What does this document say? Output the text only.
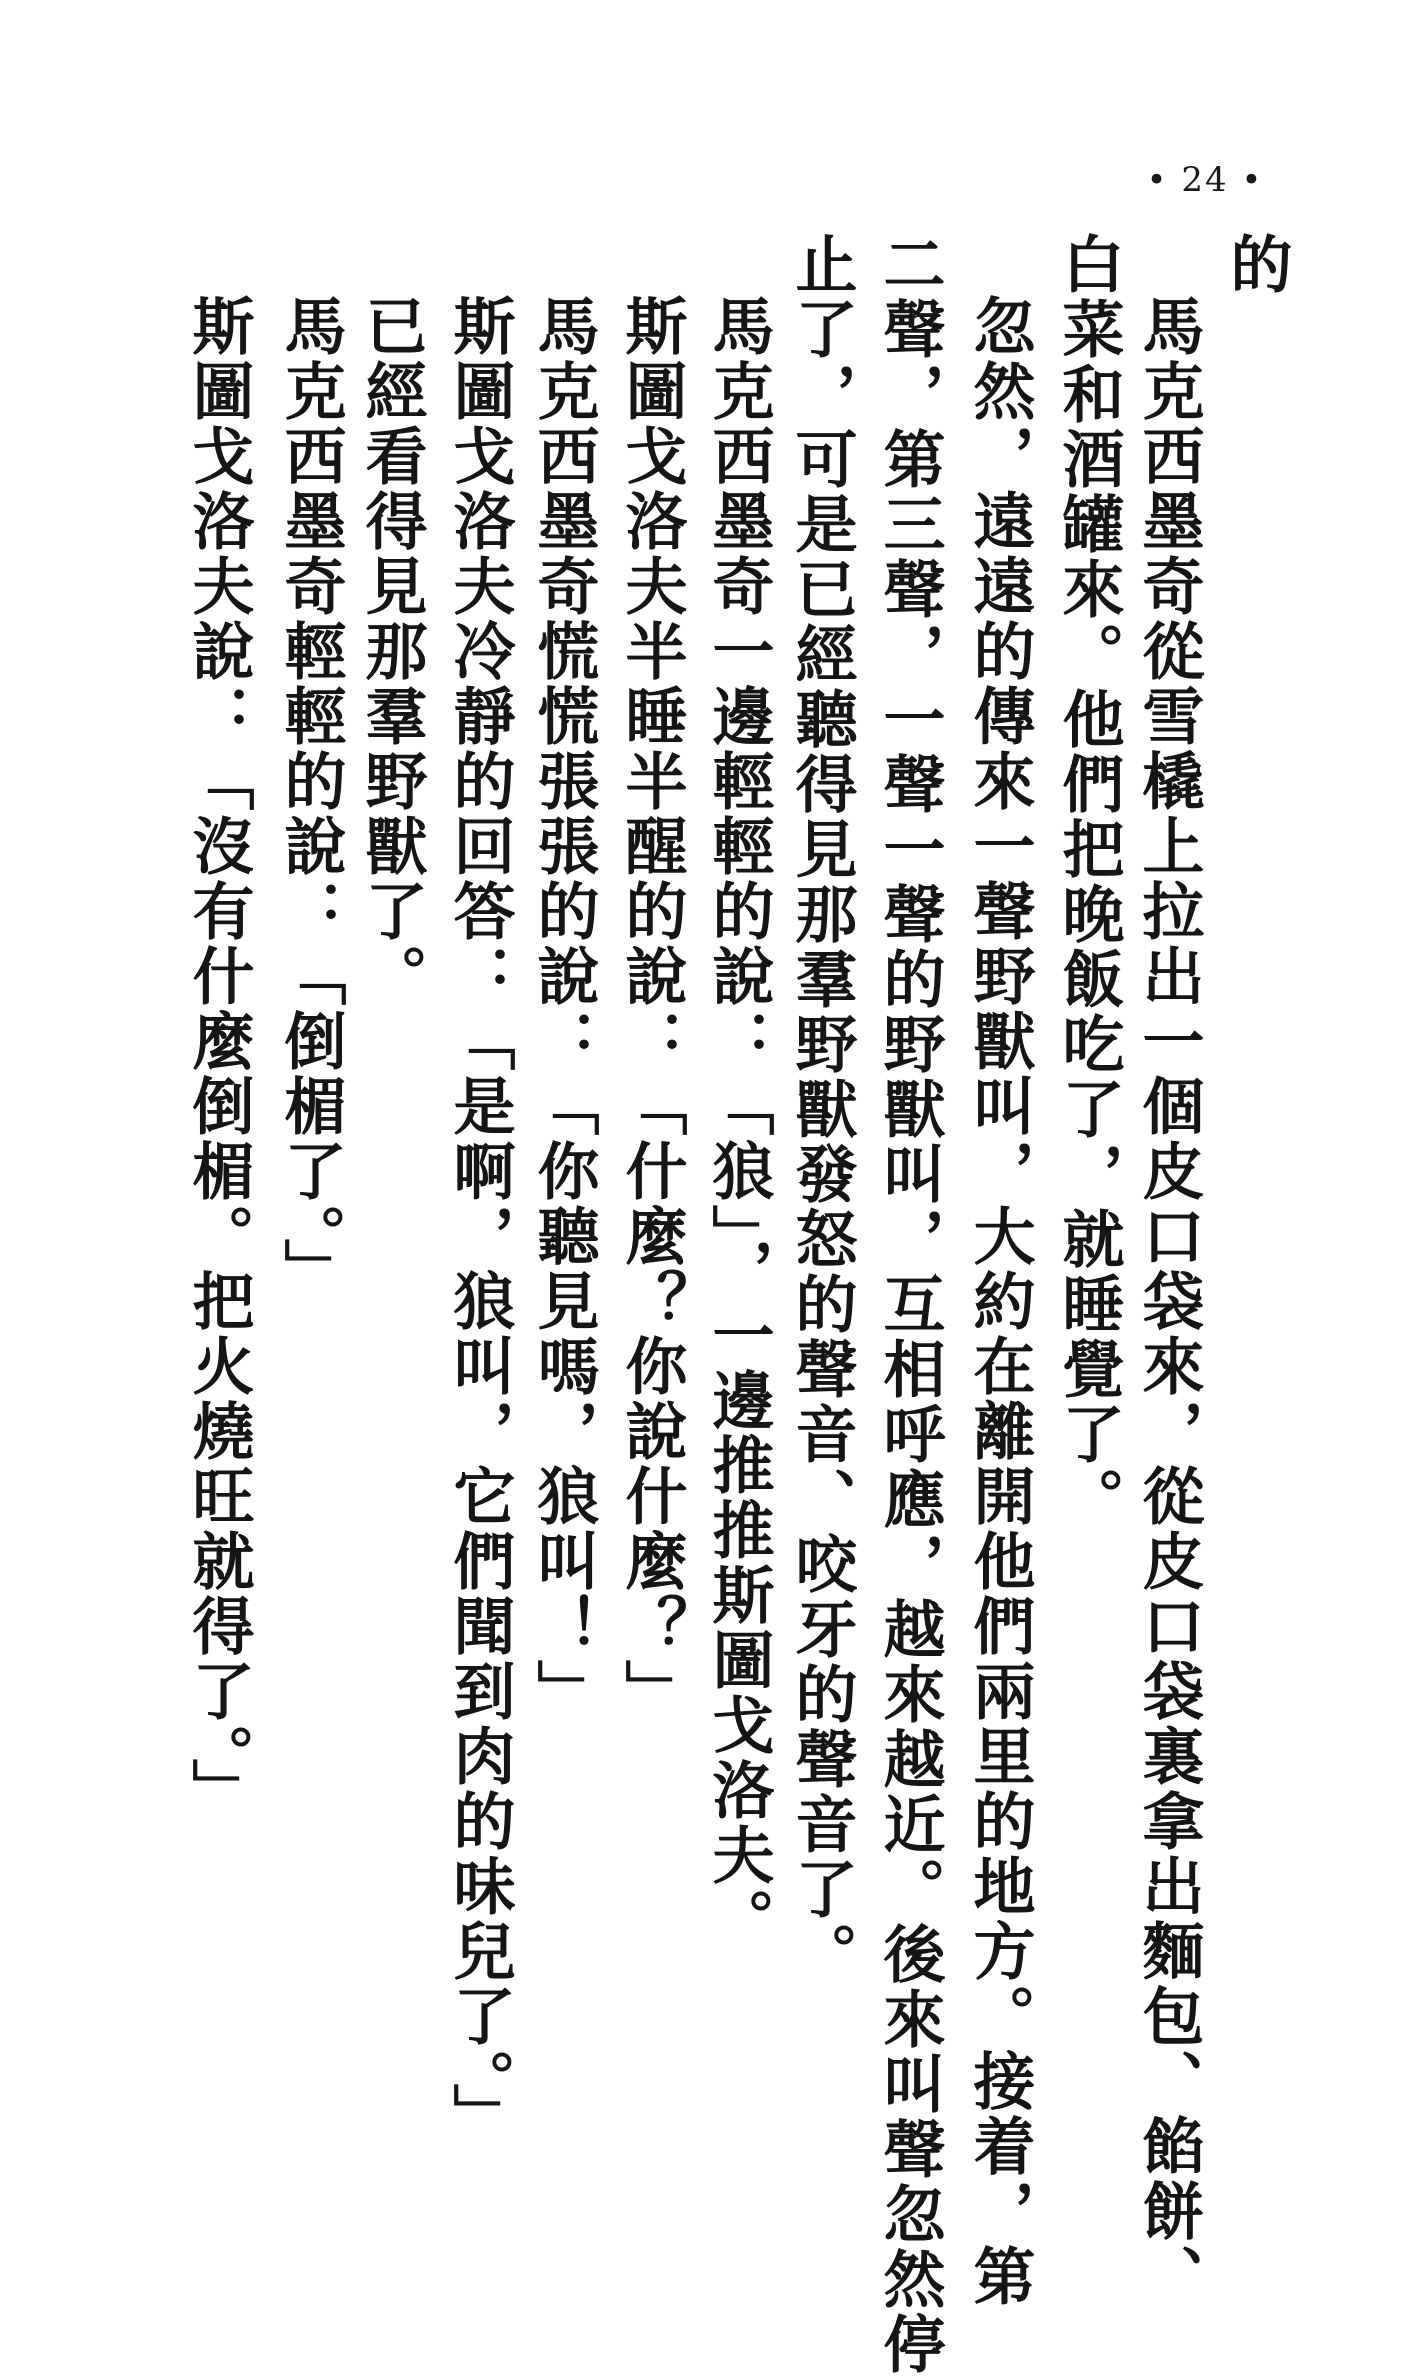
• 24 •
的
馬克西墨奇從雪橇上拉出一個皮口袋來，從皮口袋裏拿出麵包、餡餅、
白菜和酒罐來。他們把晚飯吃了，就睡覺了。
忽然，遠遠的傳來一聲野獸叫，大約在離開他們兩里的地方。接着，第
二聲，第三聲，一聲一聲的野獸叫，互相呼應，越來越近。後來叫聲忽然停
止了，可是已經聽得見那羣野獸發怒的聲音、咬牙的聲音了。
馬克西墨奇一邊輕輕的說：「狼」，一邊推推斯圖戈洛夫。
斯圖戈洛夫半睡半醒的說：「什麼？你說什麼？」
馬克西墨奇慌慌張張的說：「你聽見嗎，狼叫！」
斯圖戈洛夫冷靜的回答：「是啊，狼叫，它們聞到肉的味兒了。」
已經看得見那羣野獸了。
馬克西墨奇輕輕的說：「倒楣了。」
斯圖戈洛夫說：「沒有什麼倒楣。把火燒旺就得了。」
